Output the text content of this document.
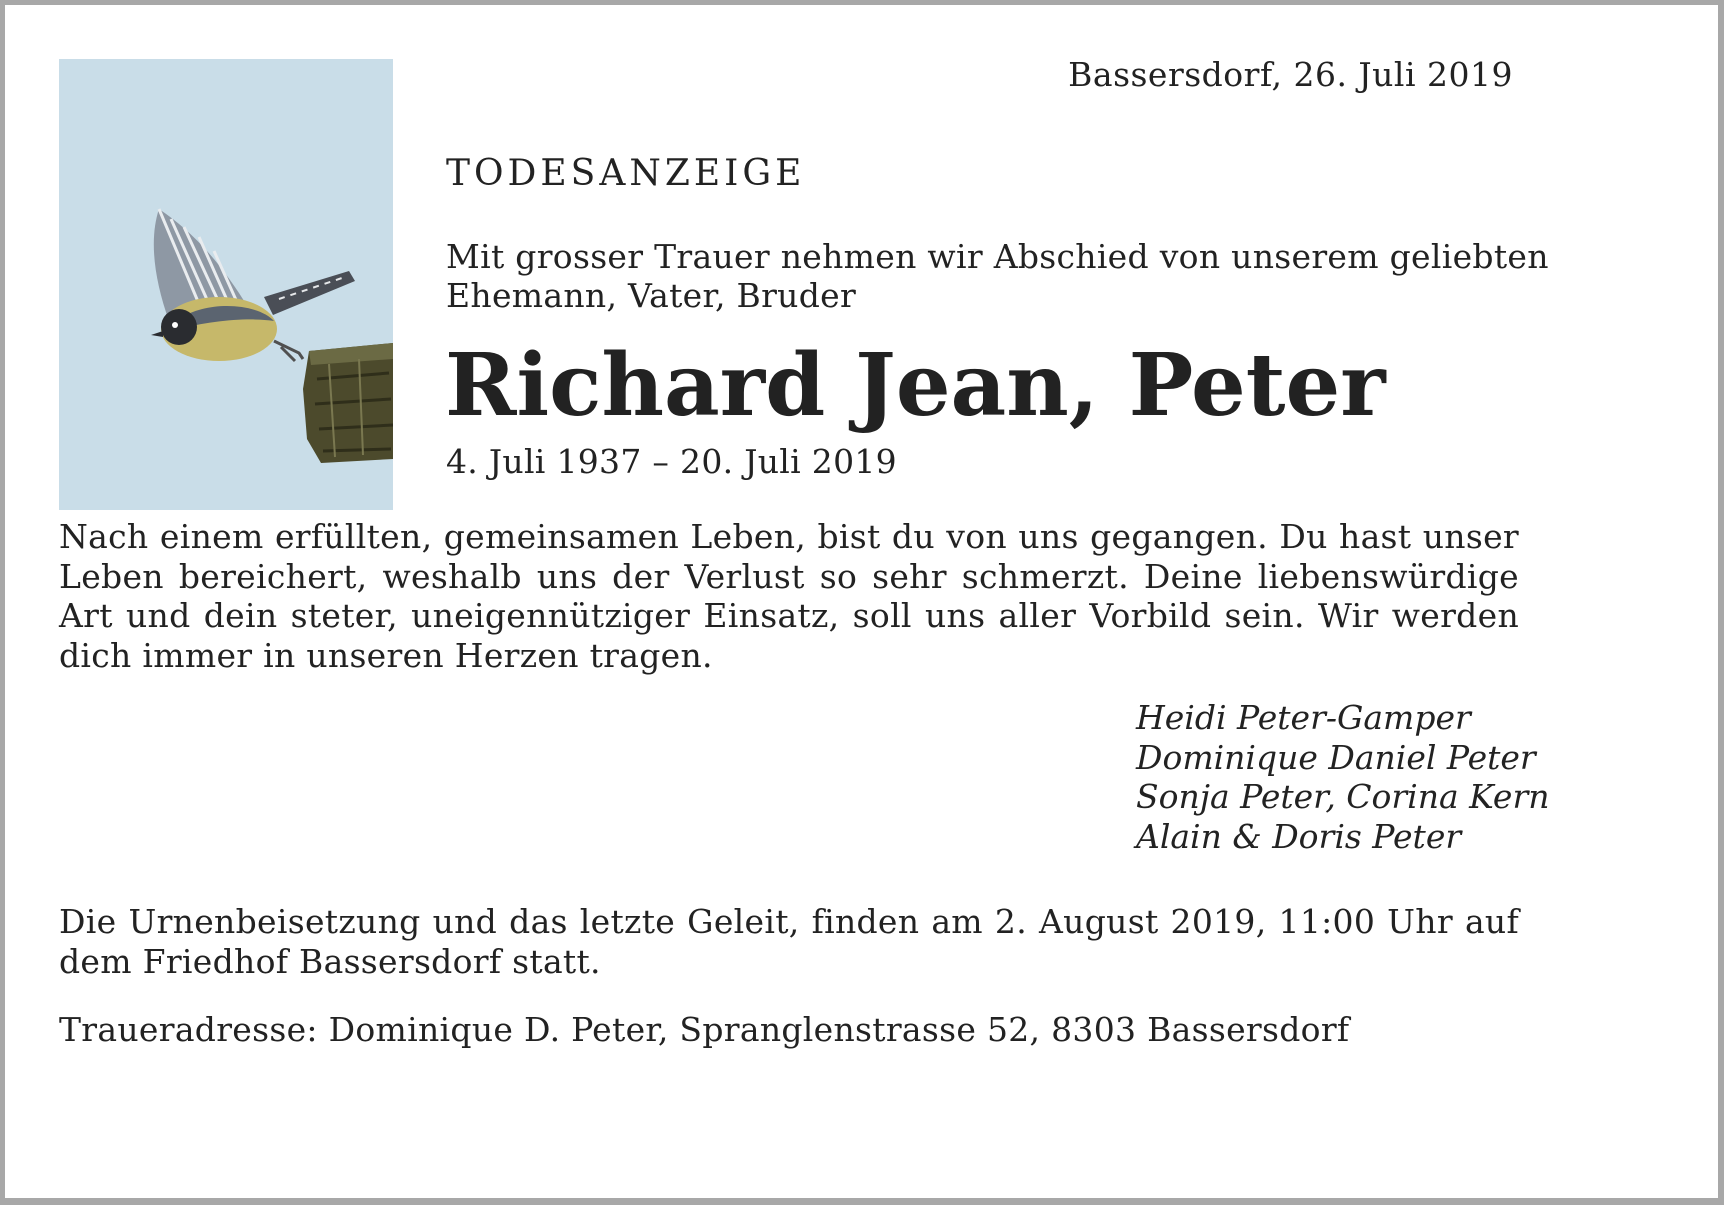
Bassersdorf, 26. Juli 2019
TODESANZEIGE
Mit grosser Trauer nehmen wir Abschied von unserem geliebten Ehemann, Vater, Bruder
Richard Jean, Peter
4. Juli 1937 – 20. Juli 2019
Nach einem erfüllten, gemeinsamen Leben, bist du von uns gegangen. Du hast unser Leben bereichert, weshalb uns der Verlust so sehr schmerzt. Deine liebenswürdige Art und dein steter, uneigennütziger Einsatz, soll uns aller Vorbild sein. Wir werden dich immer in unseren Herzen tragen.
Heidi Peter-Gamper
Dominique Daniel Peter
Sonja Peter, Corina Kern
Alain & Doris Peter
Die Urnenbeisetzung und das letzte Geleit, finden am 2. August 2019, 11:00 Uhr auf dem Friedhof Bassersdorf statt.
Traueradresse: Dominique D. Peter, Spranglenstrasse 52, 8303 Bassersdorf
